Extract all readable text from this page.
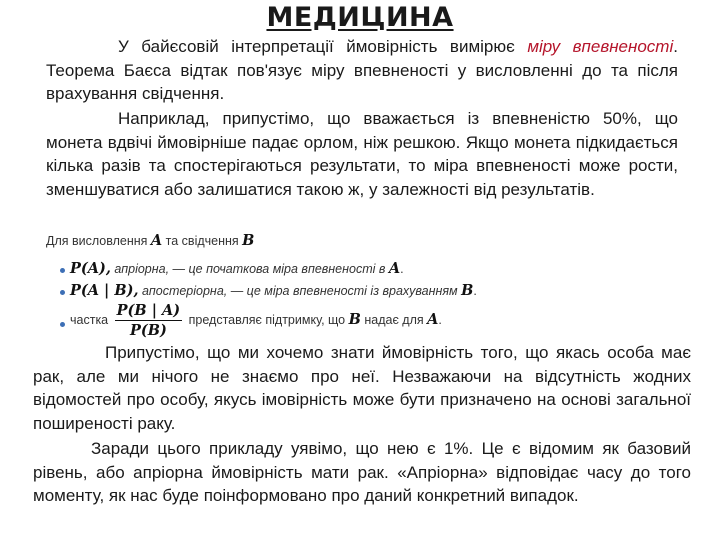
МЕДИЦИНА

У байєсовій інтерпретації ймовірність вимірює міру впевненості. Теорема Баєса відтак пов'язує міру впевненості у висловленні до та після врахування свідчення.

Наприклад, припустімо, що вважається із впевненістю 50%, що монета вдвічі ймовірніше падає орлом, ніж решкою. Якщо монета підкидається кілька разів та спостерігаються результати, то міра впевненості може рости, зменшуватися або залишатися такою ж, у залежності від результатів.

Для висловлення A та свідчення B
P(A), апріорна, — це початкова міра впевненості в A.
P(A | B), апостеріорна, — це міра впевненості із врахуванням B.
частка $\frac{P(B | A)}{P(B)}$ представляє підтримку, що B надає для A.

Припустімо, що ми хочемо знати ймовірність того, що якась особа має рак, але ми нічого не знаємо про неї. Незважаючи на відсутність жодних відомостей про особу, якусь імовірність може бути призначено на основі загальної поширеності раку.

Заради цього прикладу уявімо, що нею є 1%. Це є відомим як базовий рівень, або апріорна ймовірність мати рак. «Апріорна» відповідає часу до того моменту, як нас буде поінформовано про даний конкретний випадок.
